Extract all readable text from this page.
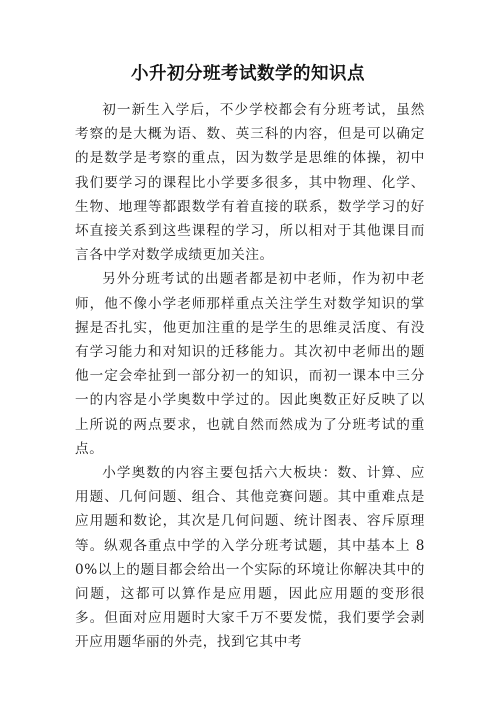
小升初分班考试数学的知识点

初一新生入学后，不少学校都会有分班考试，虽然考察的是大概为语、数、英三科的内容，但是可以确定的是数学是考察的重点，因为数学是思维的体操，初中我们要学习的课程比小学要多很多，其中物理、化学、生物、地理等都跟数学有着直接的联系，数学学习的好坏直接关系到这些课程的学习，所以相对于其他课目而言各中学对数学成绩更加关注。

另外分班考试的出题者都是初中老师，作为初中老师，他不像小学老师那样重点关注学生对数学知识的掌握是否扎实，他更加注重的是学生的思维灵活度、有没有学习能力和对知识的迁移能力。其次初中老师出的题他一定会牵扯到一部分初一的知识，而初一课本中三分一的内容是小学奥数中学过的。因此奥数正好反映了以上所说的两点要求，也就自然而然成为了分班考试的重点。

小学奥数的内容主要包括六大板块：数、计算、应用题、几何问题、组合、其他竞赛问题。其中重难点是应用题和数论，其次是几何问题、统计图表、容斥原理等。纵观各重点中学的入学分班考试题，其中基本上 80%以上的题目都会给出一个实际的环境让你解决其中的问题，这都可以算作是应用题，因此应用题的变形很多。但面对应用题时大家千万不要发慌，我们要学会剥开应用题华丽的外壳，找到它其中考
